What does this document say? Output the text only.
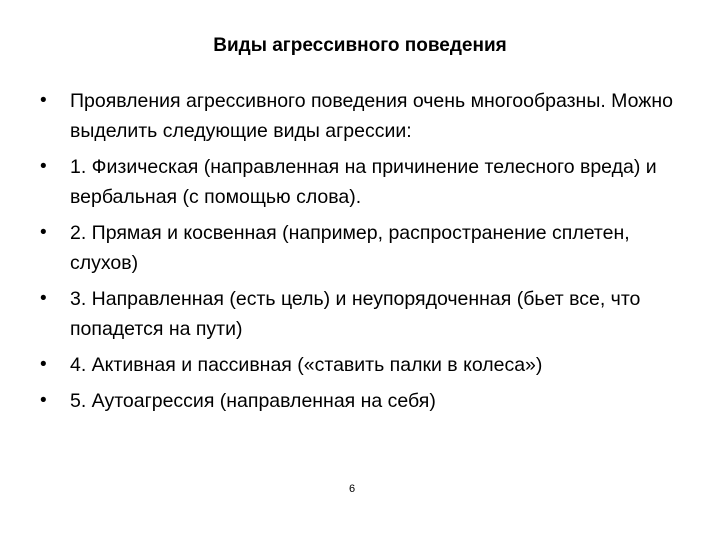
Виды агрессивного поведения
•	Проявления агрессивного поведения очень многообразны. Можно выделить следующие виды агрессии:
•	1. Физическая (направленная на причинение телесного вреда) и вербальная (с помощью слова).
•	2. Прямая и косвенная (например, распространение сплетен, слухов)
•	3. Направленная (есть цель) и неупорядоченная (бьет все, что попадется на пути)
•	4. Активная и пассивная («ставить палки в колеса»)
•	5. Аутоагрессия (направленная на себя)
6
